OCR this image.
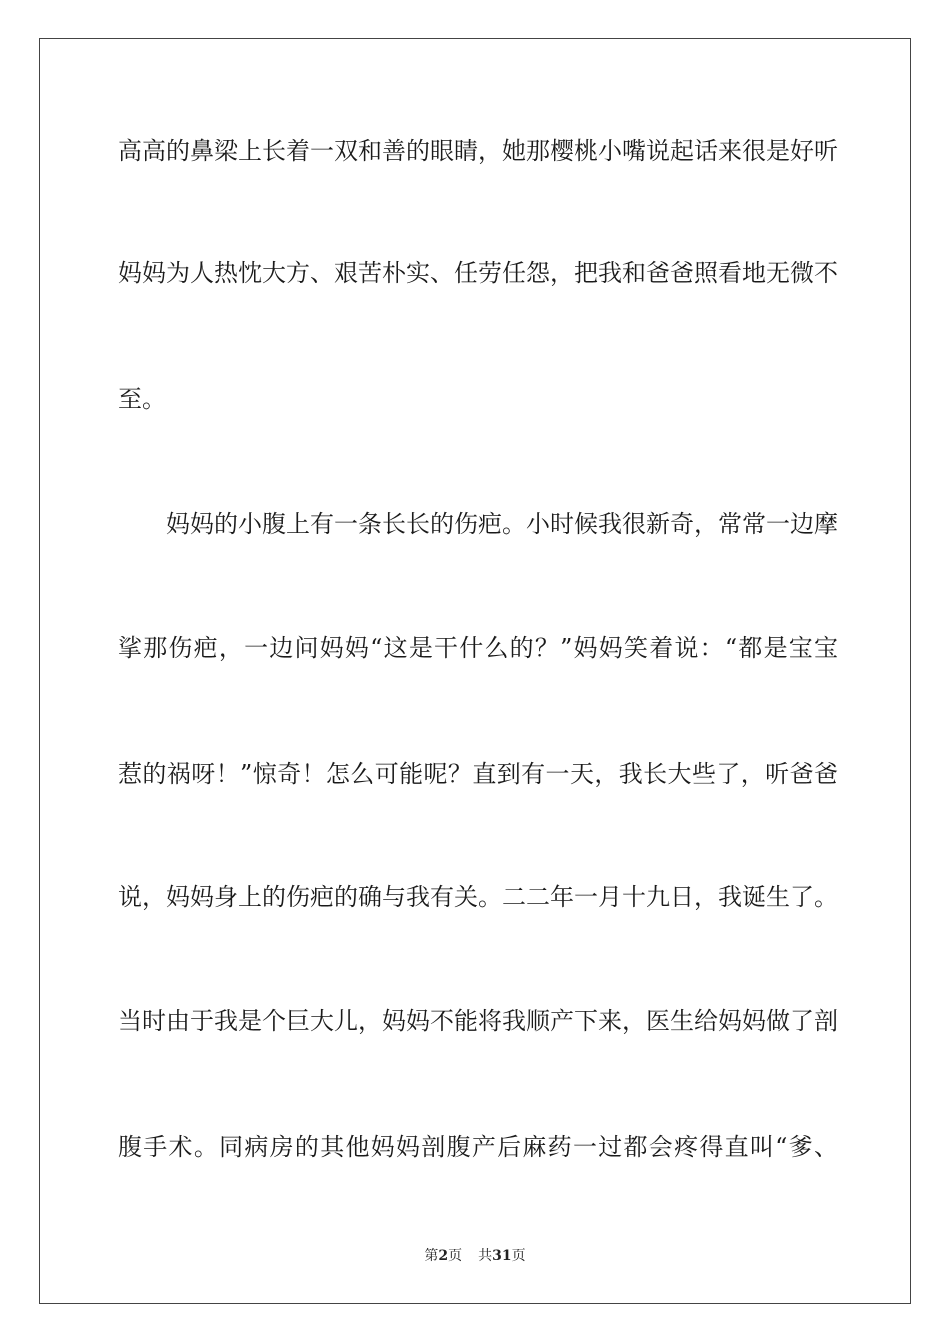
高高的鼻梁上长着一双和善的眼睛，她那樱桃小嘴说起话来很是好听
妈妈为人热忱大方、艰苦朴实、任劳任怨，把我和爸爸照看地无微不
至。
　　妈妈的小腹上有一条长长的伤疤。小时候我很新奇，常常一边摩
挲那伤疤，一边问妈妈“这是干什么的？”妈妈笑着说：“都是宝宝
惹的祸呀！”惊奇！怎么可能呢？直到有一天，我长大些了，听爸爸
说，妈妈身上的伤疤的确与我有关。二二年一月十九日，我诞生了。
当时由于我是个巨大儿，妈妈不能将我顺产下来，医生给妈妈做了剖
腹手术。同病房的其他妈妈剖腹产后麻药一过都会疼得直叫“爹、
第2页 共31页
